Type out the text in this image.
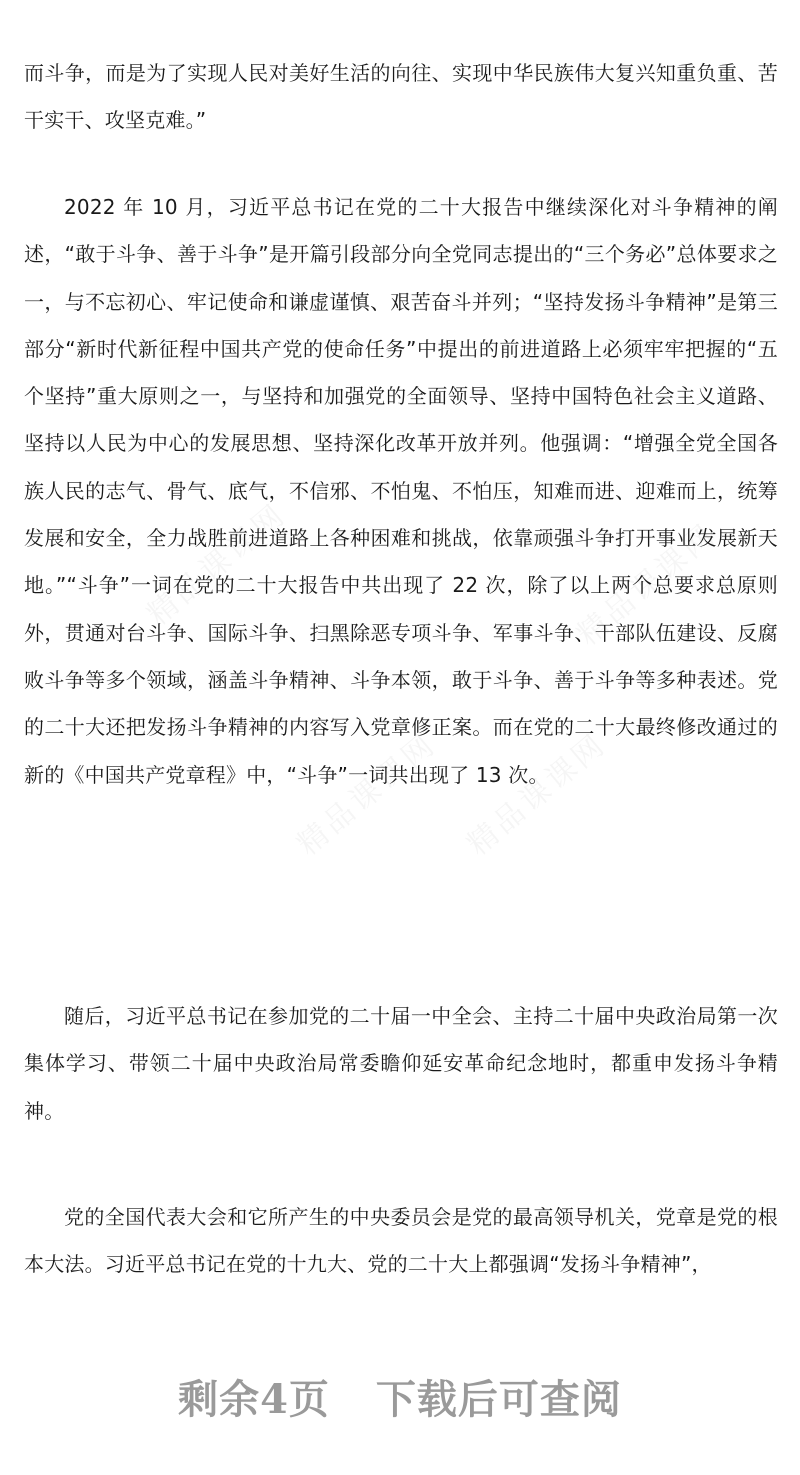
精品课课网
精品课课网 精品课课网
精品课课网

而斗争，而是为了实现人民对美好生活的向往、实现中华民族伟大复兴知重负重、苦干实干、攻坚克难。”

2022 年 10 月，习近平总书记在党的二十大报告中继续深化对斗争精神的阐述，“敢于斗争、善于斗争”是开篇引段部分向全党同志提出的“三个务必”总体要求之一，与不忘初心、牢记使命和谦虚谨慎、艰苦奋斗并列；“坚持发扬斗争精神”是第三部分“新时代新征程中国共产党的使命任务”中提出的前进道路上必须牢牢把握的“五个坚持”重大原则之一，与坚持和加强党的全面领导、坚持中国特色社会主义道路、坚持以人民为中心的发展思想、坚持深化改革开放并列。他强调：“增强全党全国各族人民的志气、骨气、底气，不信邪、不怕鬼、不怕压，知难而进、迎难而上，统筹发展和安全，全力战胜前进道路上各种困难和挑战，依靠顽强斗争打开事业发展新天地。”“斗争”一词在党的二十大报告中共出现了 22 次，除了以上两个总要求总原则外，贯通对台斗争、国际斗争、扫黑除恶专项斗争、军事斗争、干部队伍建设、反腐败斗争等多个领域，涵盖斗争精神、斗争本领，敢于斗争、善于斗争等多种表述。党的二十大还把发扬斗争精神的内容写入党章修正案。而在党的二十大最终修改通过的新的《中国共产党章程》中，“斗争”一词共出现了 13 次。

随后，习近平总书记在参加党的二十届一中全会、主持二十届中央政治局第一次集体学习、带领二十届中央政治局常委瞻仰延安革命纪念地时，都重申发扬斗争精神。

党的全国代表大会和它所产生的中央委员会是党的最高领导机关，党章是党的根本大法。习近平总书记在党的十九大、党的二十大上都强调“发扬斗争精神”，

剩余4页 下载后可查阅
